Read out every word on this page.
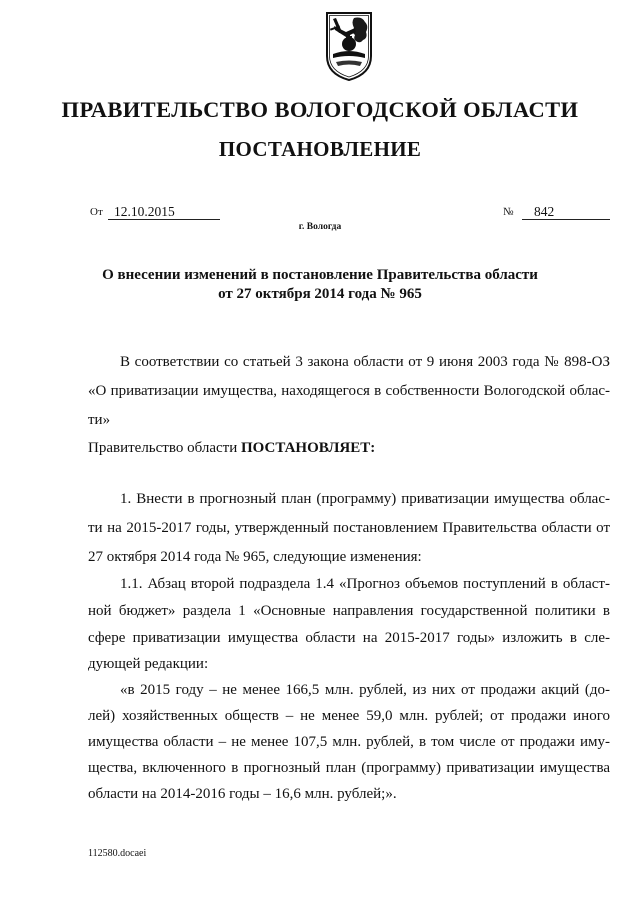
ПРАВИТЕЛЬСТВО ВОЛОГОДСКОЙ ОБЛАСТИ
ПОСТАНОВЛЕНИЕ
От 12.10.2015	№	842
г. Вологда
О внесении изменений в постановление Правительства области
от 27 октября 2014 года № 965
В соответствии со статьей 3 закона области от 9 июня 2003 года № 898-ОЗ
«О приватизации имущества, находящегося в собственности Вологодской облас-
ти»
Правительство области ПОСТАНОВЛЯЕТ:
1. Внести в прогнозный план (программу) приватизации имущества облас-
ти на 2015-2017 годы, утвержденный постановлением Правительства области от
27 октября 2014 года № 965, следующие изменения:
1.1. Абзац второй подраздела 1.4 «Прогноз объемов поступлений в област-
ной бюджет» раздела 1 «Основные направления государственной политики в
сфере приватизации имущества области на 2015-2017 годы» изложить в сле-
дующей редакции:
«в 2015 году – не менее 166,5 млн. рублей, из них от продажи акций (до-
лей) хозяйственных обществ – не менее 59,0 млн. рублей; от продажи иного
имущества области – не менее 107,5 млн. рублей, в том числе от продажи иму-
щества, включенного в прогнозный план (программу) приватизации имущества
области на 2014-2016 годы – 16,6 млн. рублей;».
112580.docaei
